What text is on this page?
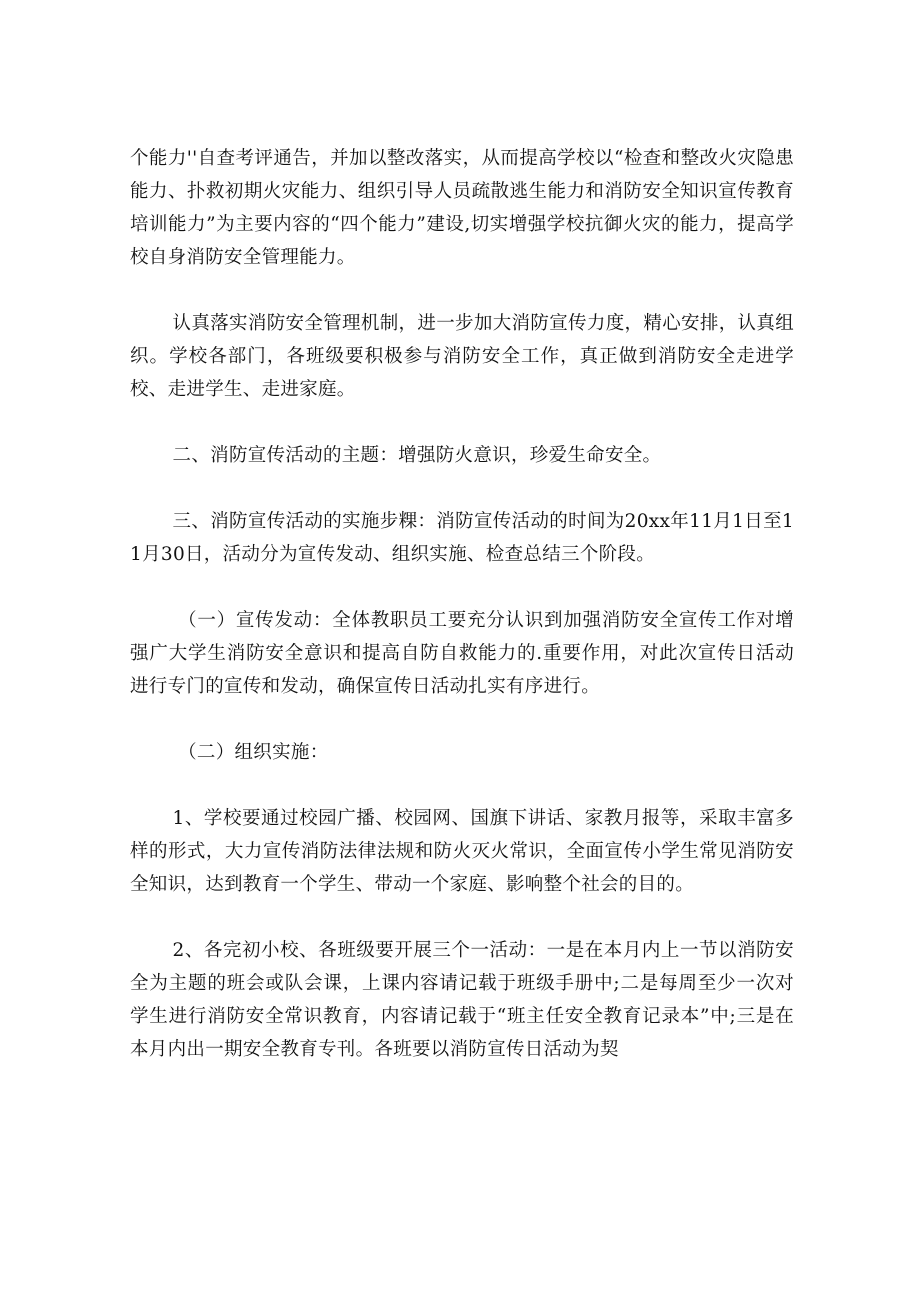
个能力''自查考评通告，并加以整改落实，从而提高学校以“检查和整改火灾隐患能力、扑救初期火灾能力、组织引导人员疏散逃生能力和消防安全知识宣传教育培训能力”为主要内容的“四个能力”建设,切实增强学校抗御火灾的能力，提高学校自身消防安全管理能力。

认真落实消防安全管理机制，进一步加大消防宣传力度，精心安排，认真组织。学校各部门，各班级要积极参与消防安全工作，真正做到消防安全走进学校、走进学生、走进家庭。

二、消防宣传活动的主题：增强防火意识，珍爱生命安全。

三、消防宣传活动的实施步粿：消防宣传活动的时间为20xx年11月1日至11月30日，活动分为宣传发动、组织实施、检查总结三个阶段。

（一）宣传发动：全体教职员工要充分认识到加强消防安全宣传工作对增强广大学生消防安全意识和提高自防自救能力的.重要作用，对此次宣传日活动进行专门的宣传和发动，确保宣传日活动扎实有序进行。

（二）组织实施：

1、学校要通过校园广播、校园网、国旗下讲话、家教月报等，采取丰富多样的形式，大力宣传消防法律法规和防火灭火常识，全面宣传小学生常见消防安全知识，达到教育一个学生、带动一个家庭、影响整个社会的目的。

2、各完初小校、各班级要开展三个一活动：一是在本月内上一节以消防安全为主题的班会或队会课，上课内容请记载于班级手册中;二是每周至少一次对学生进行消防安全常识教育，内容请记载于“班主任安全教育记录本”中;三是在本月内出一期安全教育专刊。各班要以消防宣传日活动为契
